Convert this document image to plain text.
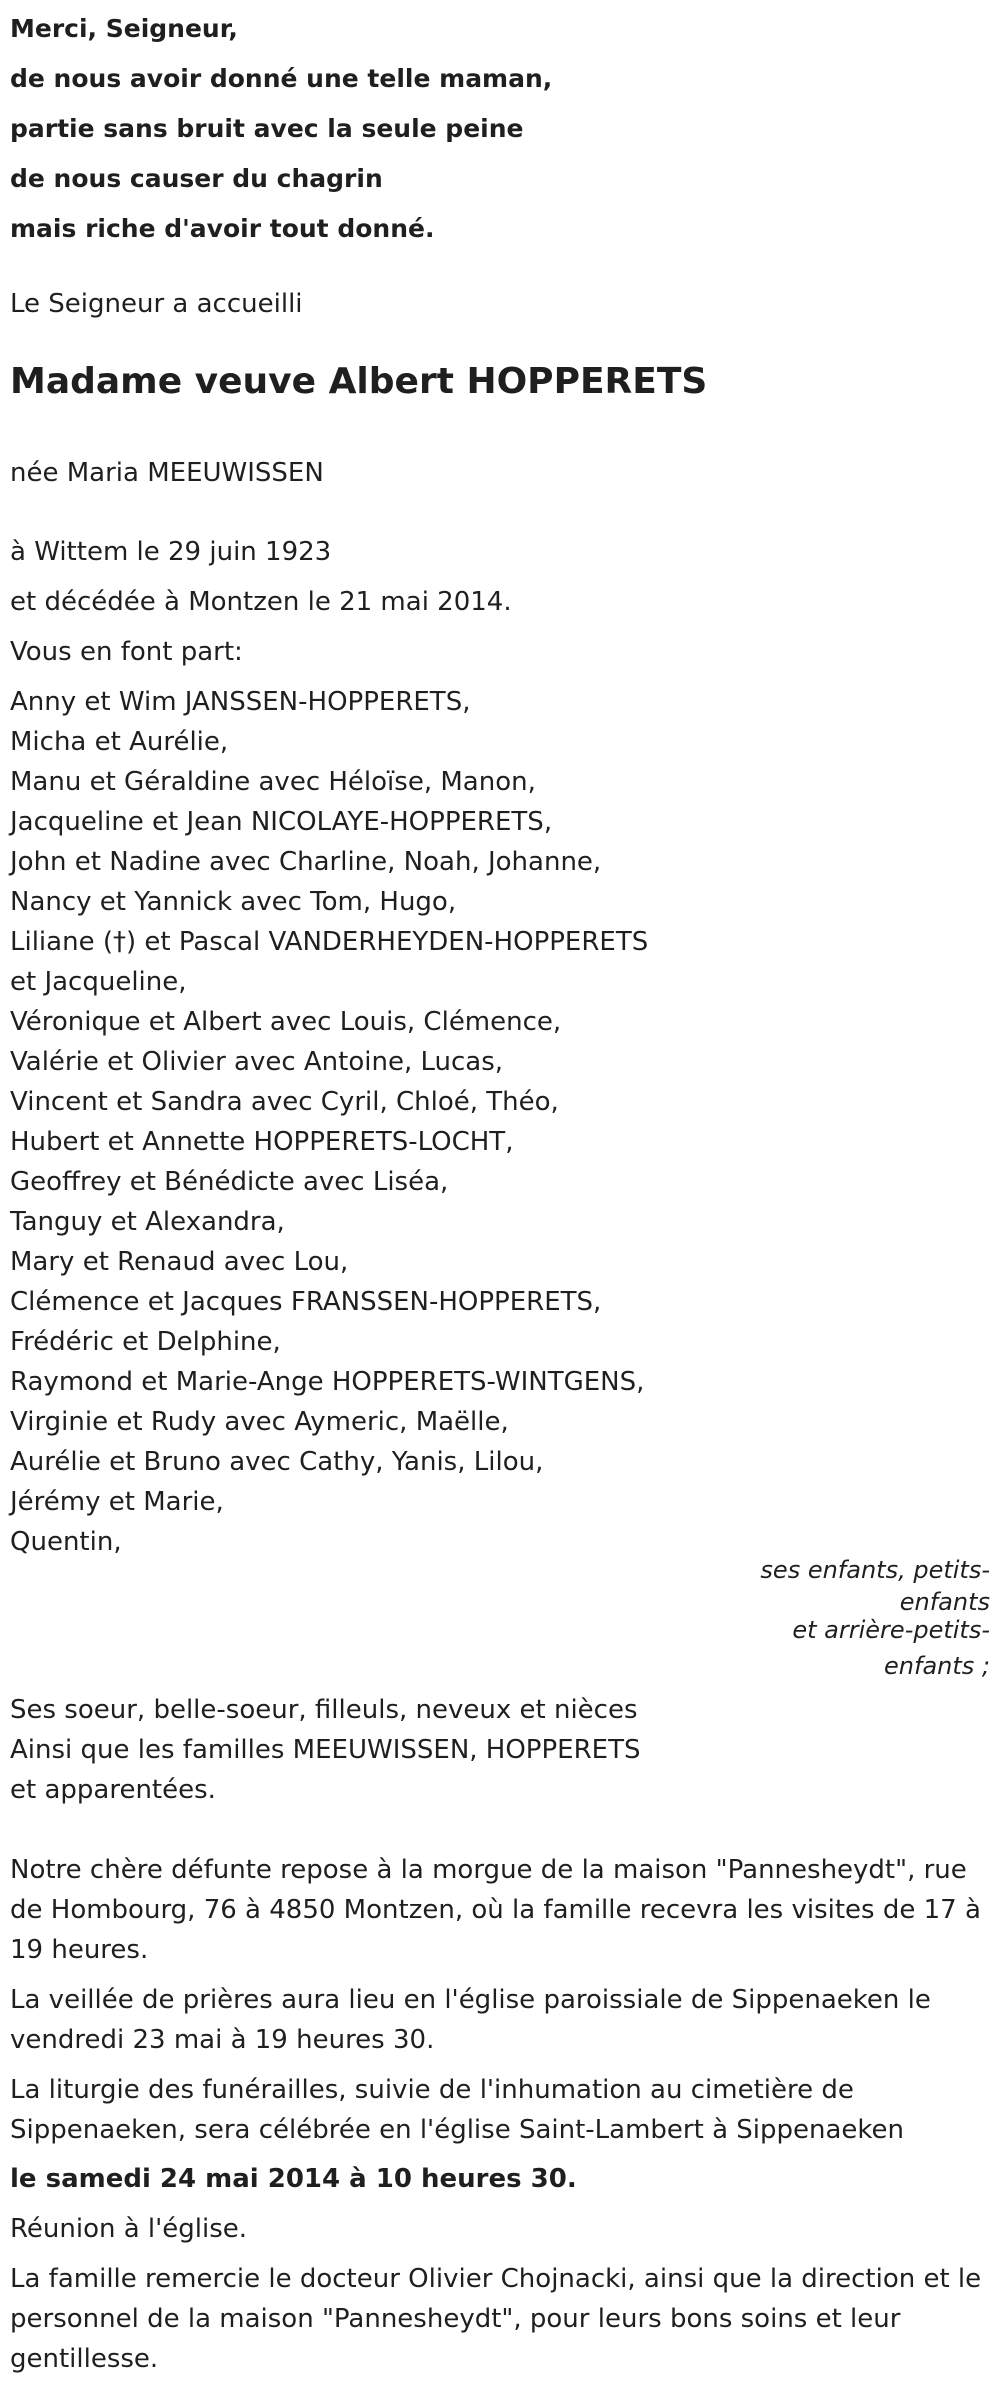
Merci, Seigneur,
de nous avoir donné une telle maman,
partie sans bruit avec la seule peine
de nous causer du chagrin
mais riche d'avoir tout donné.
Le Seigneur a accueilli
Madame veuve Albert HOPPERETS
née Maria MEEUWISSEN
à Wittem le 29 juin 1923
et décédée à Montzen le 21 mai 2014.
Vous en font part:
Anny et Wim JANSSEN-HOPPERETS,
Micha et Aurélie,
Manu et Géraldine avec Héloïse, Manon,
Jacqueline et Jean NICOLAYE-HOPPERETS,
John et Nadine avec Charline, Noah, Johanne,
Nancy et Yannick avec Tom, Hugo,
Liliane (†) et Pascal VANDERHEYDEN-HOPPERETS
et Jacqueline,
Véronique et Albert avec Louis, Clémence,
Valérie et Olivier avec Antoine, Lucas,
Vincent et Sandra avec Cyril, Chloé, Théo,
Hubert et Annette HOPPERETS-LOCHT,
Geoffrey et Bénédicte avec Liséa,
Tanguy et Alexandra,
Mary et Renaud avec Lou,
Clémence et Jacques FRANSSEN-HOPPERETS,
Frédéric et Delphine,
Raymond et Marie-Ange HOPPERETS-WINTGENS,
Virginie et Rudy avec Aymeric, Maëlle,
Aurélie et Bruno avec Cathy, Yanis, Lilou,
Jérémy et Marie,
Quentin,
ses enfants, petits-
enfants
et arrière-petits-
enfants ;
Ses soeur, belle-soeur, filleuls, neveux et nièces
Ainsi que les familles MEEUWISSEN, HOPPERETS
et apparentées.
Notre chère défunte repose à la morgue de la maison "Pannesheydt", rue de Hombourg, 76 à 4850 Montzen, où la famille recevra les visites de 17 à 19 heures.
La veillée de prières aura lieu en l'église paroissiale de Sippenaeken le vendredi 23 mai à 19 heures 30.
La liturgie des funérailles, suivie de l'inhumation au cimetière de Sippenaeken, sera célébrée en l'église Saint-Lambert à Sippenaeken
le samedi 24 mai 2014 à 10 heures 30.
Réunion à l'église.
La famille remercie le docteur Olivier Chojnacki, ainsi que la direction et le personnel de la maison "Pannesheydt", pour leurs bons soins et leur gentillesse.
